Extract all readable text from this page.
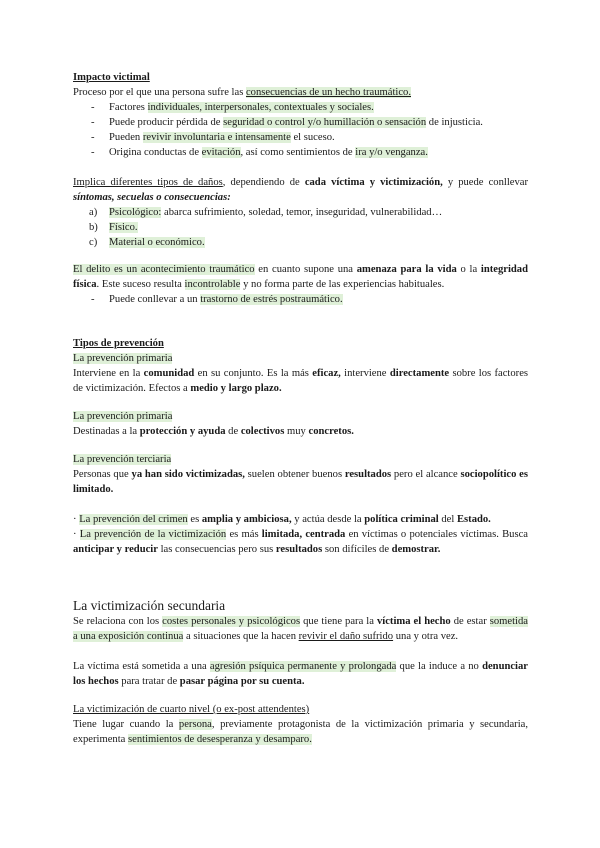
Impacto victimal

Proceso por el que una persona sufre las consecuencias de un hecho traumático.

- Factores individuales, interpersonales, contextuales y sociales.
- Puede producir pérdida de seguridad o control y/o humillación o sensación de injusticia.
- Pueden revivir involuntaria e intensamente el suceso.
- Origina conductas de evitación, así como sentimientos de ira y/o venganza.

Implica diferentes tipos de daños, dependiendo de cada víctima y victimización, y puede conllevar síntomas, secuelas o consecuencias:

a) Psicológico: abarca sufrimiento, soledad, temor, inseguridad, vulnerabilidad…
b) Físico.
c) Material o económico.

El delito es un acontecimiento traumático en cuanto supone una amenaza para la vida o la integridad física. Este suceso resulta incontrolable y no forma parte de las experiencias habituales.

- Puede conllevar a un trastorno de estrés postraumático.

Tipos de prevención

La prevención primaria

Interviene en la comunidad en su conjunto. Es la más eficaz, interviene directamente sobre los factores de victimización. Efectos a medio y largo plazo.

La prevención primaria

Destinadas a la protección y ayuda de colectivos muy concretos.

La prevención terciaria

Personas que ya han sido victimizadas, suelen obtener buenos resultados pero el alcance sociopolítico es limitado.

· La prevención del crimen es amplia y ambiciosa, y actúa desde la política criminal del Estado.

· La prevención de la victimización es más limitada, centrada en víctimas o potenciales víctimas. Busca anticipar y reducir las consecuencias pero sus resultados son difíciles de demostrar.

La victimización secundaria

Se relaciona con los costes personales y psicológicos que tiene para la víctima el hecho de estar sometida a una exposición continua a situaciones que la hacen revivir el daño sufrido una y otra vez.

La víctima está sometida a una agresión psíquica permanente y prolongada que la induce a no denunciar los hechos para tratar de pasar página por su cuenta.

La victimización de cuarto nivel (o ex-post attendentes)

Tiene lugar cuando la persona, previamente protagonista de la victimización primaria y secundaria, experimenta sentimientos de desesperanza y desamparo.
